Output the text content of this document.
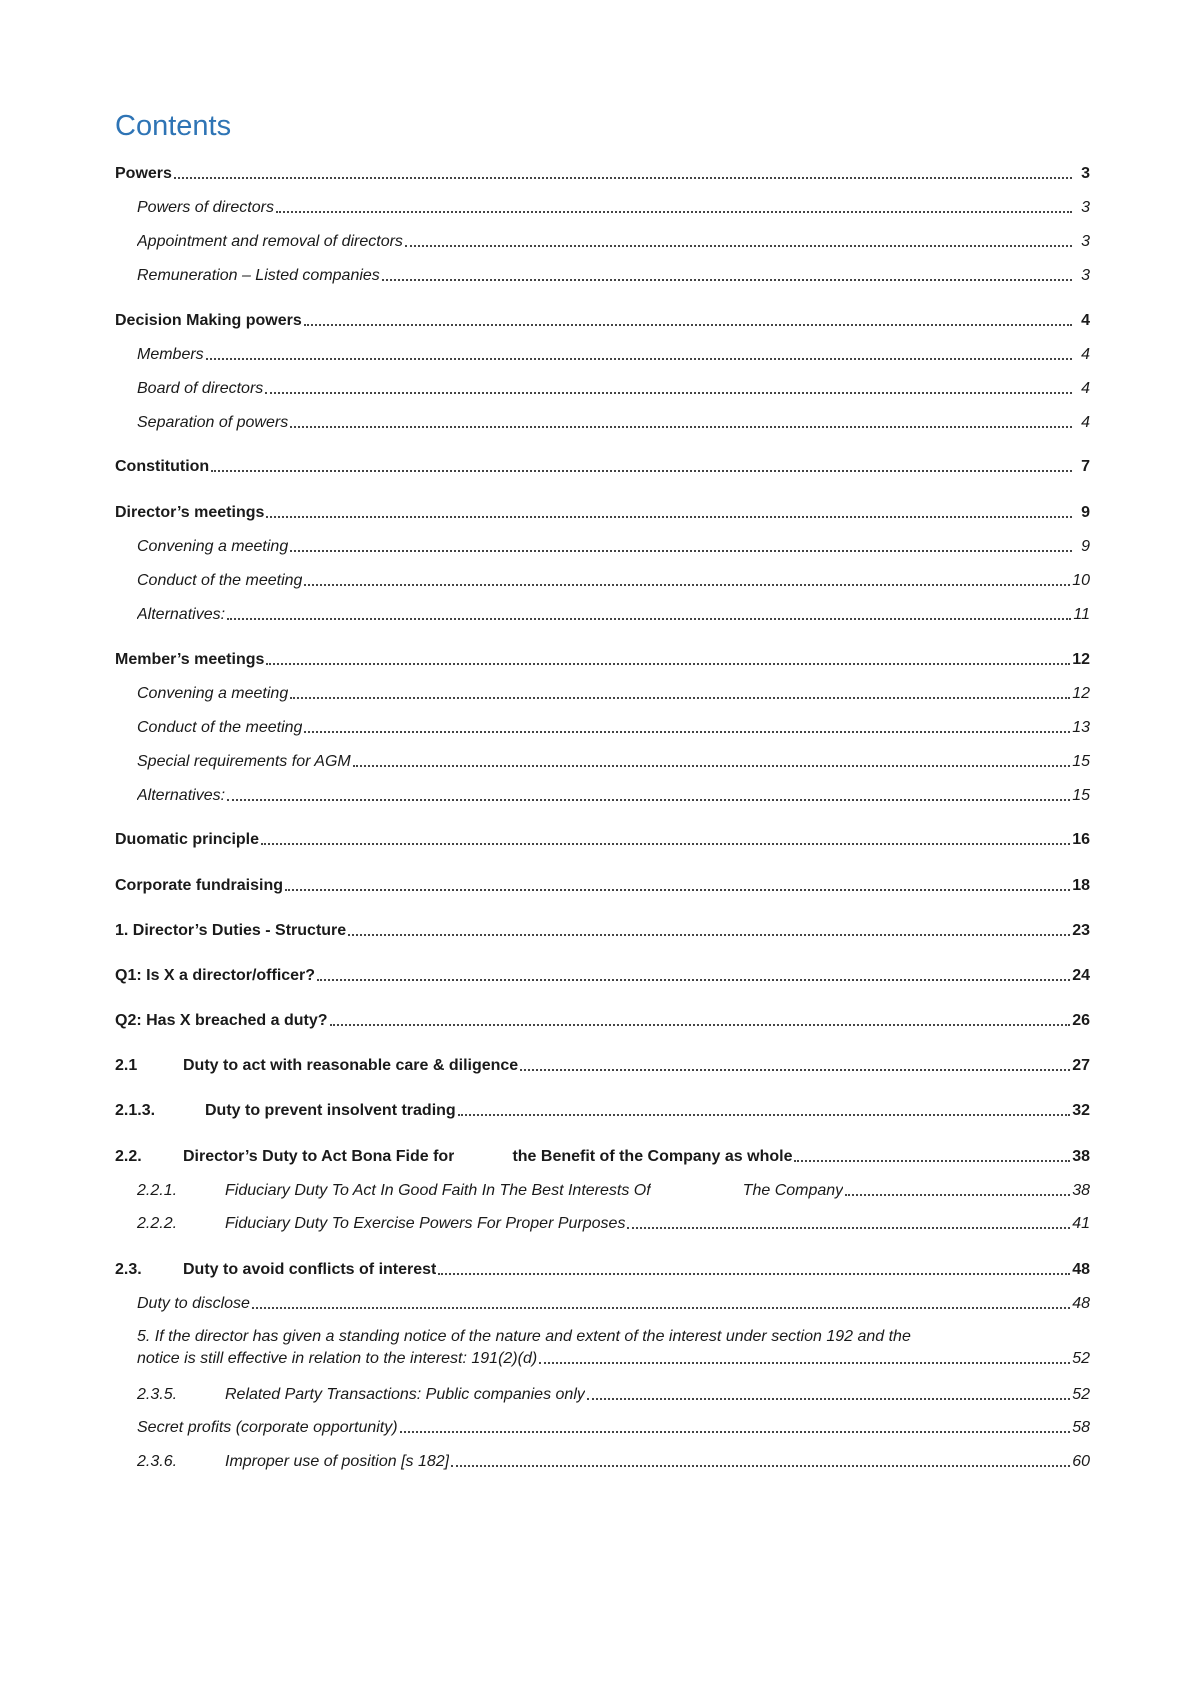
Contents
Powers	3
Powers of directors	3
Appointment and removal of directors	3
Remuneration – Listed companies	3
Decision Making powers	4
Members	4
Board of directors	4
Separation of powers	4
Constitution	7
Director’s meetings	9
Convening a meeting	9
Conduct of the meeting	10
Alternatives:	11
Member’s meetings	12
Convening a meeting	12
Conduct of the meeting	13
Special requirements for AGM	15
Alternatives:	15
Duomatic principle	16
Corporate fundraising	18
1. Director’s Duties - Structure	23
Q1: Is X a director/officer?	24
Q2: Has X breached a duty?	26
2.1	Duty to act with reasonable care & diligence	27
2.1.3.	Duty to prevent insolvent trading	32
2.2.	Director’s Duty to Act Bona Fide for	the Benefit of the Company as whole	38
2.2.1.	Fiduciary Duty To Act In Good Faith In The Best Interests Of	The Company	38
2.2.2.	Fiduciary Duty To Exercise Powers For Proper Purposes	41
2.3.	Duty to avoid conflicts of interest	48
Duty to disclose	48
5. If the director has given a standing notice of the nature and extent of the interest under section 192 and the
notice is still effective in relation to the interest: 191(2)(d)	52
2.3.5.	Related Party Transactions: Public companies only	52
Secret profits (corporate opportunity)	58
2.3.6.	Improper use of position [s 182]	60
